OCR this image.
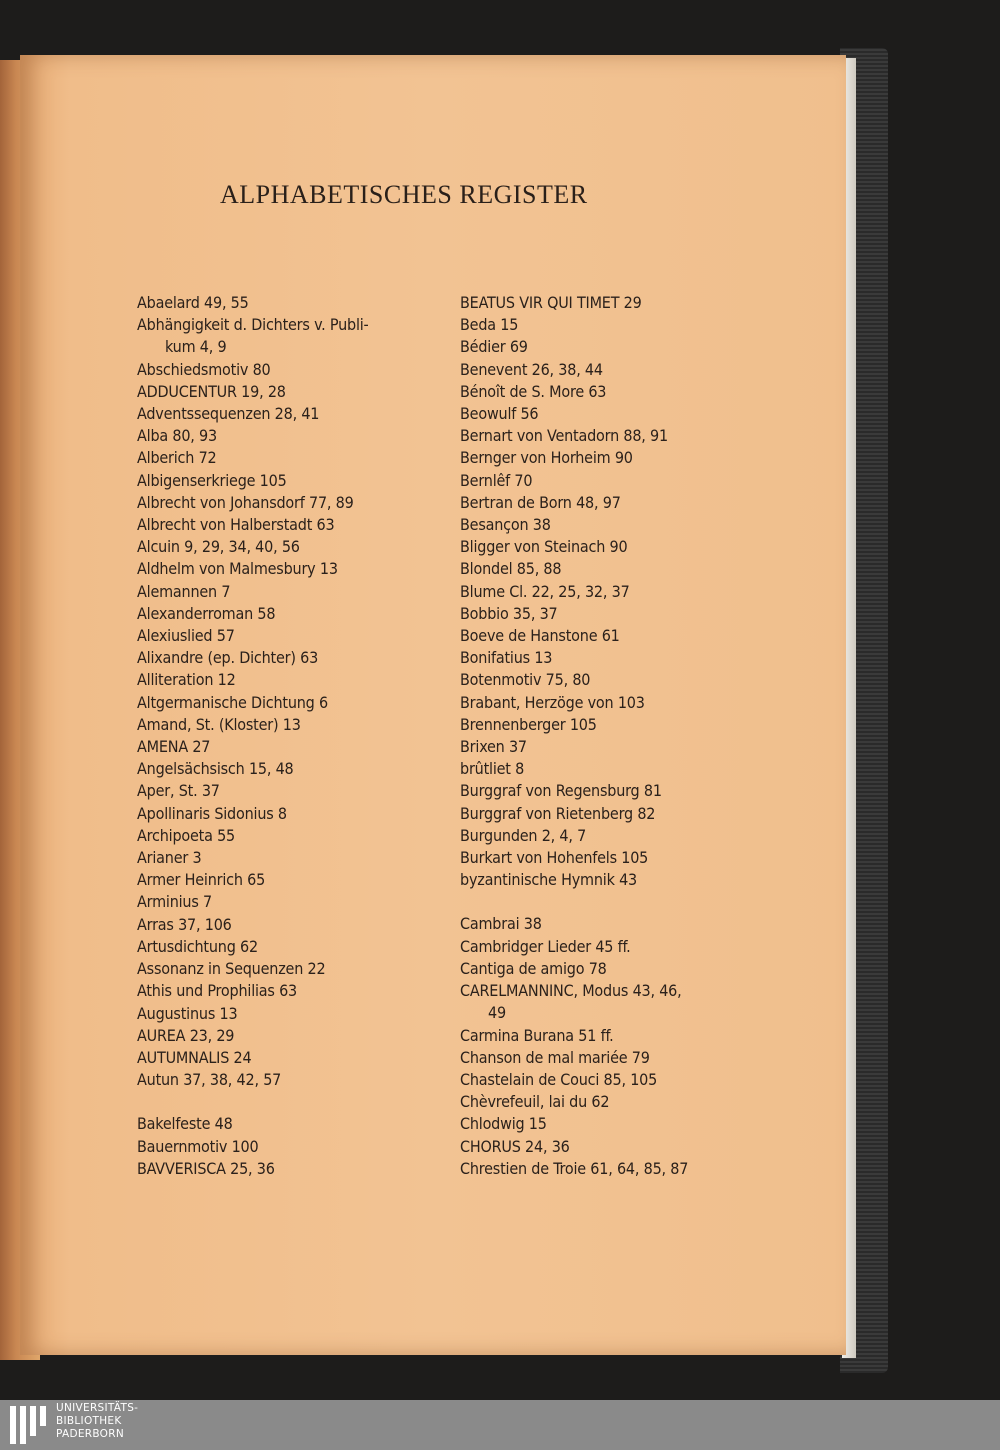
ALPHABETISCHES REGISTER
Abaelard 49, 55
Abhängigkeit d. Dichters v. Publi-
kum 4, 9
Abschiedsmotiv 80
ADDUCENTUR 19, 28
Adventssequenzen 28, 41
Alba 80, 93
Alberich 72
Albigenserkriege 105
Albrecht von Johansdorf 77, 89
Albrecht von Halberstadt 63
Alcuin 9, 29, 34, 40, 56
Aldhelm von Malmesbury 13
Alemannen 7
Alexanderroman 58
Alexiuslied 57
Alixandre (ep. Dichter) 63
Alliteration 12
Altgermanische Dichtung 6
Amand, St. (Kloster) 13
AMENA 27
Angelsächsisch 15, 48
Aper, St. 37
Apollinaris Sidonius 8
Archipoeta 55
Arianer 3
Armer Heinrich 65
Arminius 7
Arras 37, 106
Artusdichtung 62
Assonanz in Sequenzen 22
Athis und Prophilias 63
Augustinus 13
AUREA 23, 29
AUTUMNALIS 24
Autun 37, 38, 42, 57
Bakelfeste 48
Bauernmotiv 100
BAVVERISCA 25, 36
BEATUS VIR QUI TIMET 29
Beda 15
Bédier 69
Benevent 26, 38, 44
Bénoît de S. More 63
Beowulf 56
Bernart von Ventadorn 88, 91
Bernger von Horheim 90
Bernlêf 70
Bertran de Born 48, 97
Besançon 38
Bligger von Steinach 90
Blondel 85, 88
Blume Cl. 22, 25, 32, 37
Bobbio 35, 37
Boeve de Hanstone 61
Bonifatius 13
Botenmotiv 75, 80
Brabant, Herzöge von 103
Brennenberger 105
Brixen 37
brûtliet 8
Burggraf von Regensburg 81
Burggraf von Rietenberg 82
Burgunden 2, 4, 7
Burkart von Hohenfels 105
byzantinische Hymnik 43
Cambrai 38
Cambridger Lieder 45 ff.
Cantiga de amigo 78
CARELMANNINC, Modus 43, 46,
49
Carmina Burana 51 ff.
Chanson de mal mariée 79
Chastelain de Couci 85, 105
Chèvrefeuil, lai du 62
Chlodwig 15
CHORUS 24, 36
Chrestien de Troie 61, 64, 85, 87
UNIVERSITÄTS-
BIBLIOTHEK
PADERBORN
